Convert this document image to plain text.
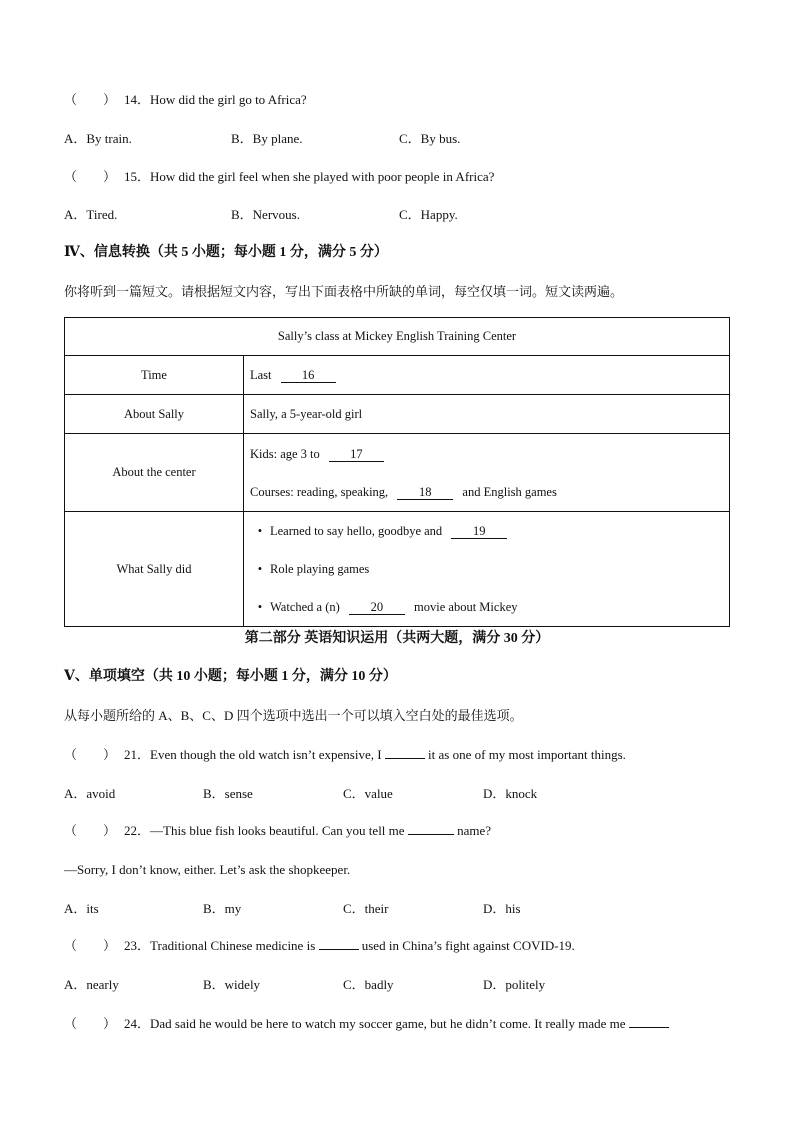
（ ） 14．How did the girl go to Africa?
A．By train.	B．By plane.	C．By bus.
（ ） 15．How did the girl feel when she played with poor people in Africa?
A．Tired.	B．Nervous.	C．Happy.
Ⅳ、信息转换（共 5 小题；每小题 1 分，满分 5 分）
你将听到一篇短文。请根据短文内容，写出下面表格中所缺的单词，每空仅填一词。短文读两遍。
Sally’s class at Mickey English Training Center	
Time	Last 16
About Sally	Sally, a 5-year-old girl
About the center	Kids: age 3 to 17
Courses: reading, speaking, 18 and English games

What Sally did	• Learned to say hello, goodbye and 19
• Role playing games
• Watched a (n) 20 movie about Mickey
第二部分 英语知识运用（共两大题，满分 30 分）
Ⅴ、单项填空（共 10 小题；每小题 1 分，满分 10 分）
从每小题所给的 A、B、C、D 四个选项中选出一个可以填入空白处的最佳选项。
（ ） 21．Even though the old watch isn’t expensive, I	it as one of my most important things.
A．avoid	B．sense	C．value	D．knock
（ ） 22．—This blue fish looks beautiful. Can you tell me	name?
—Sorry, I don’t know, either. Let’s ask the shopkeeper.
A．its	B．my	C．their	D．his
（ ） 23．Traditional Chinese medicine is	used in China’s fight against COVID-19.
A．nearly	B．widely	C．badly	D．politely
（ ） 24．Dad said he would be here to watch my soccer game, but he didn’t come. It really made me
